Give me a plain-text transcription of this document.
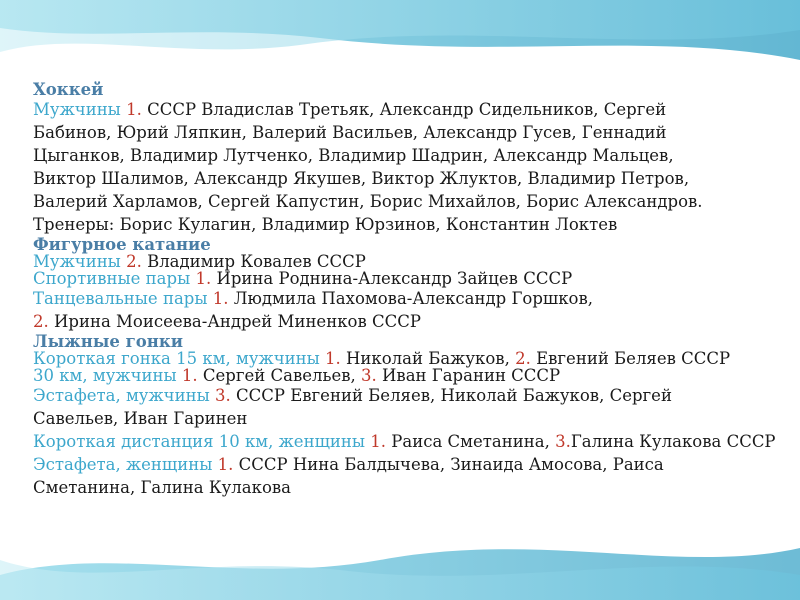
Хоккей
Мужчины 1. СССР Владислав Третьяк, Александр Сидельников, Сергей
Бабинов, Юрий Ляпкин, Валерий Васильев, Александр Гусев, Геннадий
Цыганков, Владимир Лутченко, Владимир Шадрин, Александр Мальцев,
Виктор Шалимов, Александр Якушев, Виктор Жлуктов, Владимир Петров,
Валерий Харламов, Сергей Капустин, Борис Михайлов, Борис Александров.
Тренеры: Борис Кулагин, Владимир Юрзинов, Константин Локтев
Фигурное катание
Мужчины 2. Владимир Ковалев СССР
Спортивные пары 1. Ирина Роднина-Александр Зайцев СССР
Танцевальные пары 1. Людмила Пахомова-Александр Горшков,
2. Ирина Моисеева-Андрей Миненков СССР
Лыжные гонки
Короткая гонка 15 км, мужчины 1. Николай Бажуков, 2. Евгений Беляев СССР
30 км, мужчины 1. Сергей Савельев, 3. Иван Гаранин СССР
Эстафета, мужчины 3. СССР Евгений Беляев, Николай Бажуков, Сергей
Савельев, Иван Гаринен
Короткая дистанция 10 км, женщины 1. Раиса Сметанина, 3.Галина Кулакова СССР
Эстафета, женщины 1. СССР Нина Балдычева, Зинаида Амосова, Раиса
Сметанина, Галина Кулакова
